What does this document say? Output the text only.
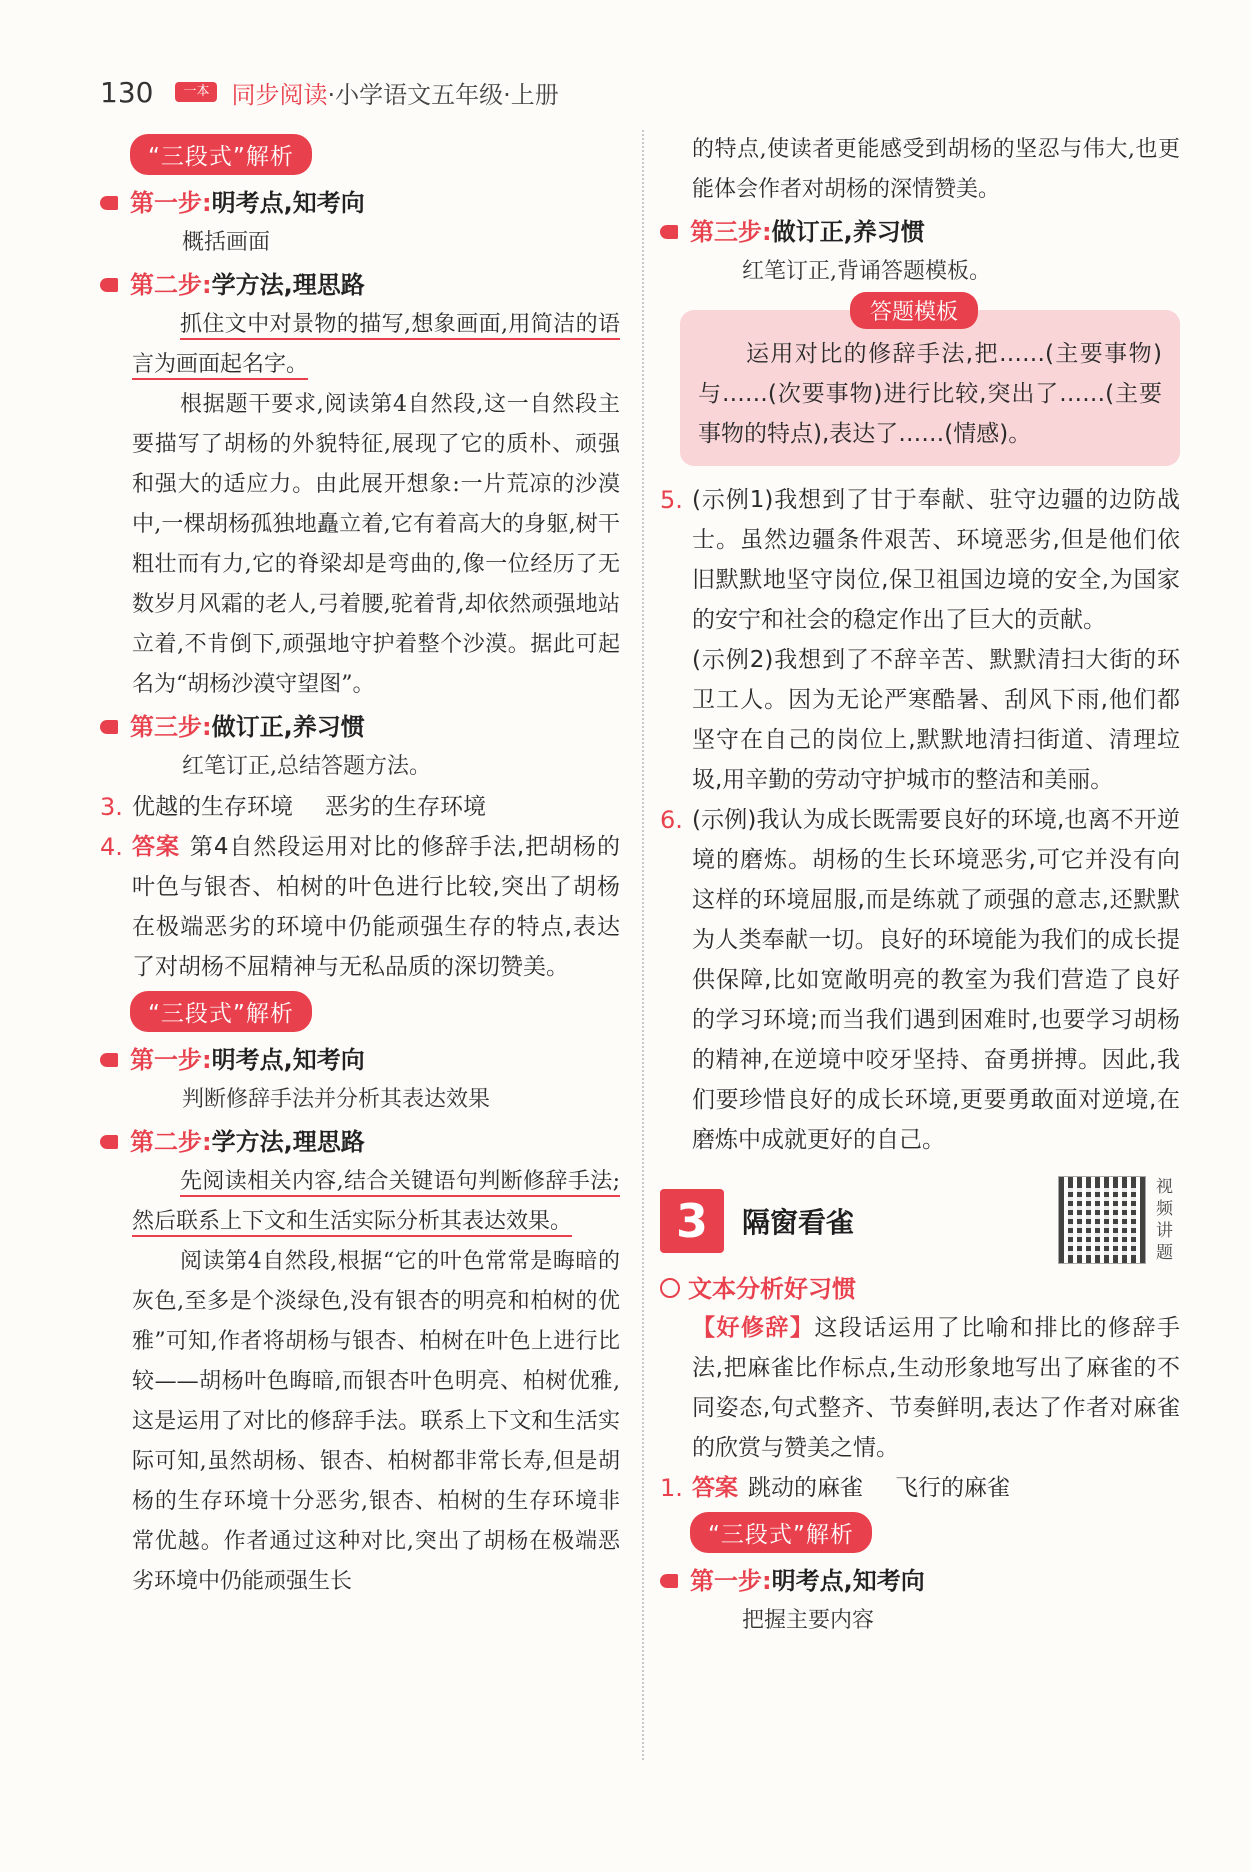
130	一本 同步阅读 ·小学语文五年级·上册
“三段式”解析
第一步:明考点,知考向
概括画面
第二步:学方法,理思路
抓住文中对景物的描写,想象画面,用简洁的语言为画面起名字。
根据题干要求,阅读第4自然段,这一自然段主要描写了胡杨的外貌特征,展现了它的质朴、顽强和强大的适应力。由此展开想象:一片荒凉的沙漠中,一棵胡杨孤独地矗立着,它有着高大的身躯,树干粗壮而有力,它的脊梁却是弯曲的,像一位经历了无数岁月风霜的老人,弓着腰,驼着背,却依然顽强地站立着,不肯倒下,顽强地守护着整个沙漠。据此可起名为“胡杨沙漠守望图”。
第三步:做订正,养习惯
红笔订正,总结答题方法。
3. 优越的生存环境 恶劣的生存环境
4. 答案 第4自然段运用对比的修辞手法,把胡杨的叶色与银杏、柏树的叶色进行比较,突出了胡杨在极端恶劣的环境中仍能顽强生存的特点,表达了对胡杨不屈精神与无私品质的深切赞美。
“三段式”解析
第一步:明考点,知考向
判断修辞手法并分析其表达效果
第二步:学方法,理思路
先阅读相关内容,结合关键语句判断修辞手法;然后联系上下文和生活实际分析其表达效果。
阅读第4自然段,根据“它的叶色常常是晦暗的灰色,至多是个淡绿色,没有银杏的明亮和柏树的优雅”可知,作者将胡杨与银杏、柏树在叶色上进行比较——胡杨叶色晦暗,而银杏叶色明亮、柏树优雅,这是运用了对比的修辞手法。联系上下文和生活实际可知,虽然胡杨、银杏、柏树都非常长寿,但是胡杨的生存环境十分恶劣,银杏、柏树的生存环境非常优越。作者通过这种对比,突出了胡杨在极端恶劣环境中仍能顽强生长
的特点,使读者更能感受到胡杨的坚忍与伟大,也更能体会作者对胡杨的深情赞美。
第三步:做订正,养习惯
红笔订正,背诵答题模板。
答题模板
运用对比的修辞手法,把……(主要事物)与……(次要事物)进行比较,突出了……(主要事物的特点),表达了……(情感)。
5. (示例1)我想到了甘于奉献、驻守边疆的边防战士。虽然边疆条件艰苦、环境恶劣,但是他们依旧默默地坚守岗位,保卫祖国边境的安全,为国家的安宁和社会的稳定作出了巨大的贡献。
(示例2)我想到了不辞辛苦、默默清扫大街的环卫工人。因为无论严寒酷暑、刮风下雨,他们都坚守在自己的岗位上,默默地清扫街道、清理垃圾,用辛勤的劳动守护城市的整洁和美丽。
6. (示例)我认为成长既需要良好的环境,也离不开逆境的磨炼。胡杨的生长环境恶劣,可它并没有向这样的环境屈服,而是练就了顽强的意志,还默默为人类奉献一切。良好的环境能为我们的成长提供保障,比如宽敞明亮的教室为我们营造了良好的学习环境;而当我们遇到困难时,也要学习胡杨的精神,在逆境中咬牙坚持、奋勇拼搏。因此,我们要珍惜良好的成长环境,更要勇敢面对逆境,在磨炼中成就更好的自己。
3	隔窗看雀
视频讲题
文本分析好习惯
【好修辞】这段话运用了比喻和排比的修辞手法,把麻雀比作标点,生动形象地写出了麻雀的不同姿态,句式整齐、节奏鲜明,表达了作者对麻雀的欣赏与赞美之情。
1. 答案 跳动的麻雀 飞行的麻雀
“三段式”解析
第一步:明考点,知考向
把握主要内容
